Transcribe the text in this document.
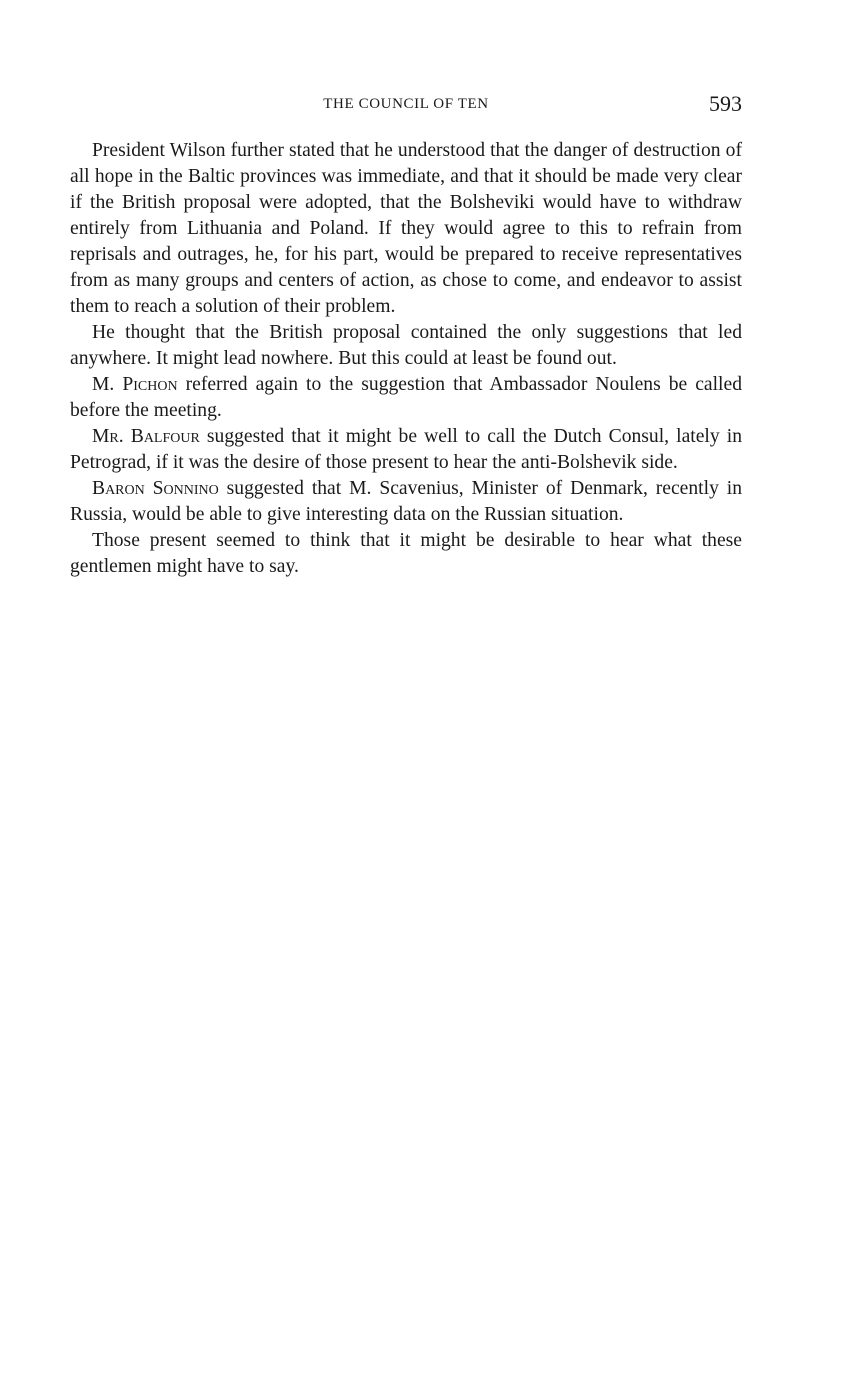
THE COUNCIL OF TEN	593

President Wilson further stated that he understood that the danger of destruction of all hope in the Baltic provinces was immediate, and that it should be made very clear if the British proposal were adopted, that the Bolsheviki would have to withdraw entirely from Lithuania and Poland. If they would agree to this to refrain from reprisals and outrages, he, for his part, would be prepared to receive representatives from as many groups and centers of action, as chose to come, and endeavor to assist them to reach a solution of their problem.

He thought that the British proposal contained the only suggestions that led anywhere. It might lead nowhere. But this could at least be found out.

M. Pichon referred again to the suggestion that Ambassador Noulens be called before the meeting.

Mr. Balfour suggested that it might be well to call the Dutch Consul, lately in Petrograd, if it was the desire of those present to hear the anti-Bolshevik side.

Baron Sonnino suggested that M. Scavenius, Minister of Denmark, recently in Russia, would be able to give interesting data on the Russian situation.

Those present seemed to think that it might be desirable to hear what these gentlemen might have to say.
